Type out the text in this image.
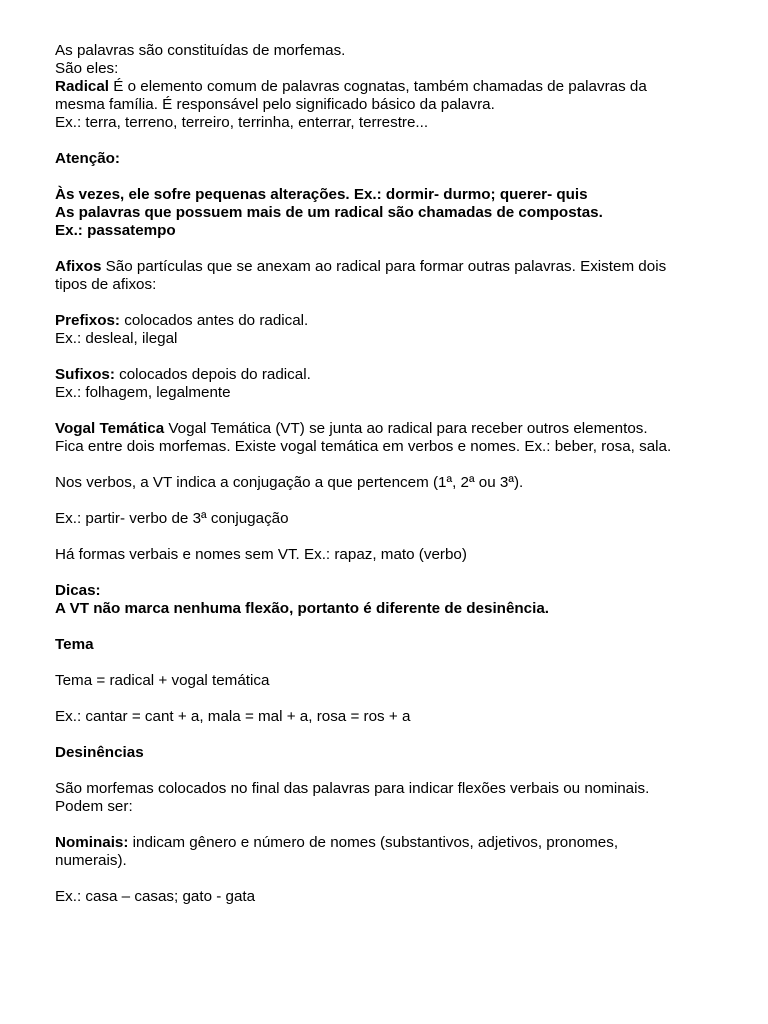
As palavras são constituídas de morfemas.
São eles:
Radical É o elemento comum de palavras cognatas, também chamadas de palavras da
mesma família. É responsável pelo significado básico da palavra.
Ex.: terra, terreno, terreiro, terrinha, enterrar, terrestre...
Atenção:
Às vezes, ele sofre pequenas alterações. Ex.: dormir- durmo; querer- quis
As palavras que possuem mais de um radical são chamadas de compostas.
Ex.: passatempo
Afixos São partículas que se anexam ao radical para formar outras palavras. Existem dois
tipos de afixos:
Prefixos: colocados antes do radical.
Ex.: desleal, ilegal
Sufixos: colocados depois do radical.
Ex.: folhagem, legalmente
Vogal Temática Vogal Temática (VT) se junta ao radical para receber outros elementos.
Fica entre dois morfemas. Existe vogal temática em verbos e nomes. Ex.: beber, rosa, sala.
Nos verbos, a VT indica a conjugação a que pertencem (1ª, 2ª ou 3ª).
Ex.: partir- verbo de 3ª conjugação
Há formas verbais e nomes sem VT. Ex.: rapaz, mato (verbo)
Dicas:
A VT não marca nenhuma flexão, portanto é diferente de desinência.
Tema
Tema = radical + vogal temática
Ex.: cantar = cant + a, mala = mal + a, rosa = ros + a
Desinências
São morfemas colocados no final das palavras para indicar flexões verbais ou nominais.
Podem ser:
Nominais: indicam gênero e número de nomes (substantivos, adjetivos, pronomes,
numerais).
Ex.: casa – casas; gato - gata
